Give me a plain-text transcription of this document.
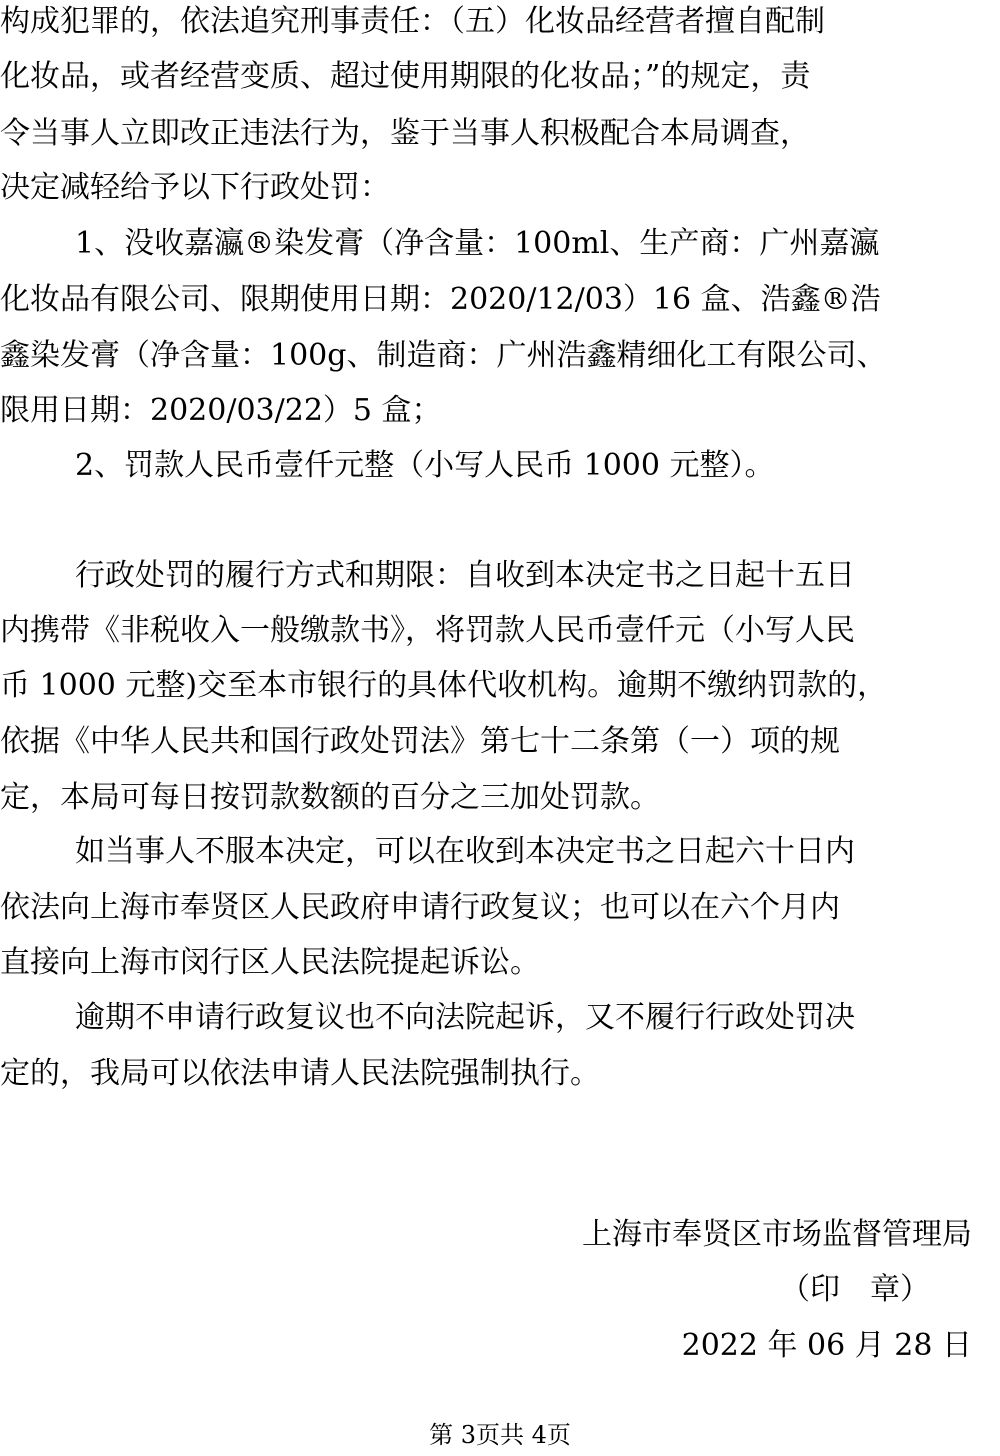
构成犯罪的，依法追究刑事责任：（五）化妆品经营者擅自配制
化妆品，或者经营变质、超过使用期限的化妆品；”的规定，责
令当事人立即改正违法行为，鉴于当事人积极配合本局调查，
决定减轻给予以下行政处罚：
1、没收嘉瀛®染发膏（净含量：100ml、生产商：广州嘉瀛
化妆品有限公司、限期使用日期：2020/12/03）16 盒、浩鑫®浩
鑫染发膏（净含量：100g、制造商：广州浩鑫精细化工有限公司、
限用日期：2020/03/22）5 盒；
2、罚款人民币壹仟元整（小写人民币 1000 元整）。
行政处罚的履行方式和期限：自收到本决定书之日起十五日
内携带《非税收入一般缴款书》，将罚款人民币壹仟元（小写人民
币 1000 元整)交至本市银行的具体代收机构。逾期不缴纳罚款的，
依据《中华人民共和国行政处罚法》第七十二条第（一）项的规
定，本局可每日按罚款数额的百分之三加处罚款。
如当事人不服本决定，可以在收到本决定书之日起六十日内
依法向上海市奉贤区人民政府申请行政复议；也可以在六个月内
直接向上海市闵行区人民法院提起诉讼。
逾期不申请行政复议也不向法院起诉，又不履行行政处罚决
定的，我局可以依法申请人民法院强制执行。
上海市奉贤区市场监督管理局
（印　章）
2022 年 06 月 28 日
第 3页共 4页
